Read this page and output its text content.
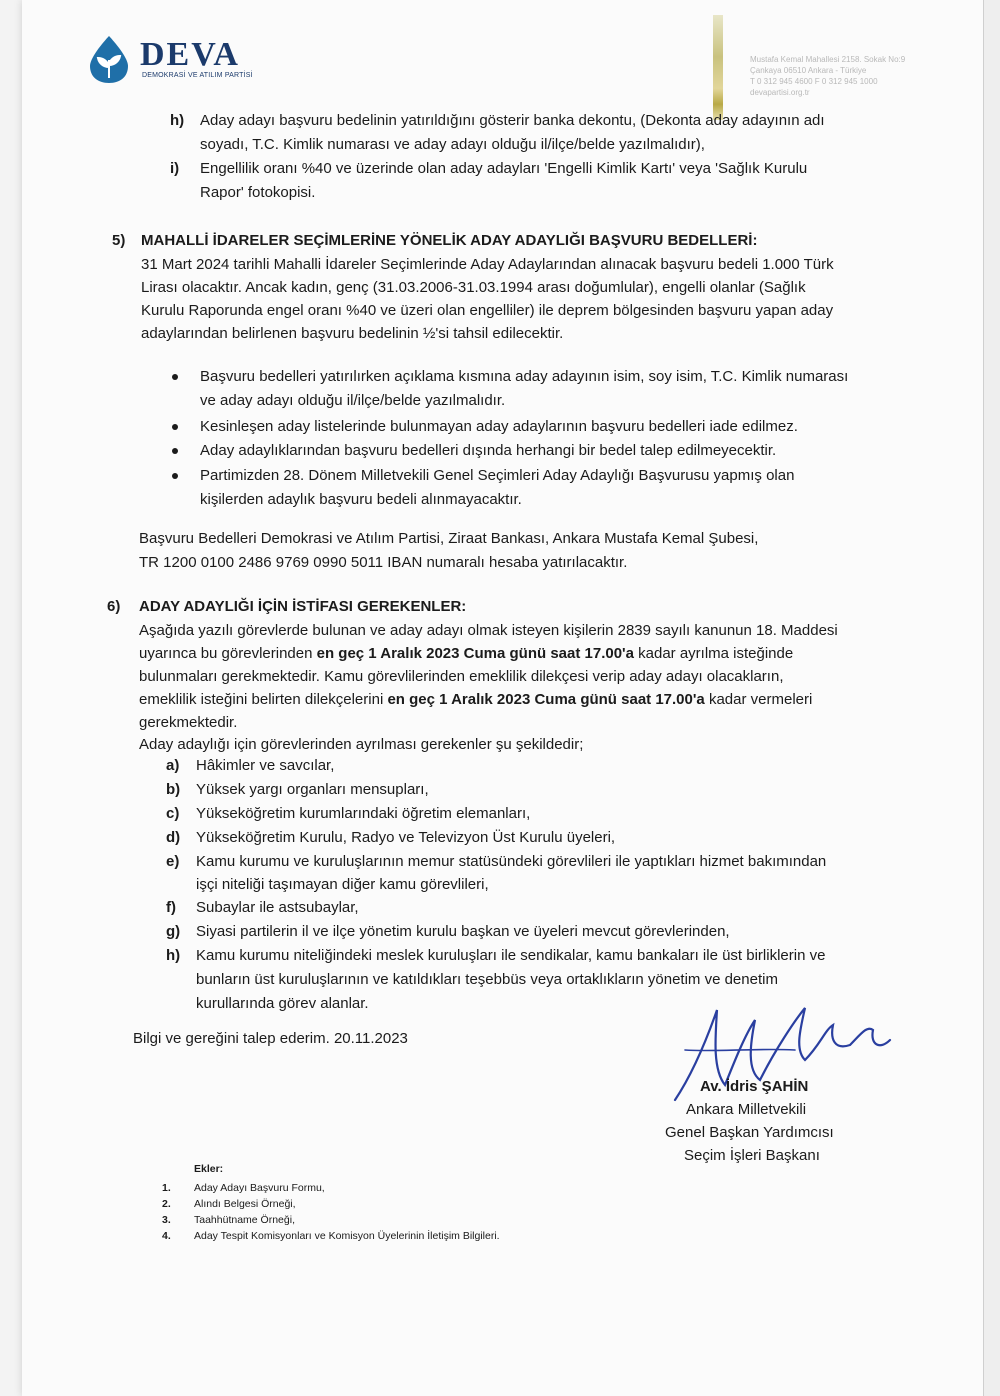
DEVA
DEMOKRASİ VE ATILIM PARTİSİ
Mustafa Kemal Mahallesi 2158. Sokak No:9
Çankaya 06510 Ankara - Türkiye
T 0 312 945 4600 F 0 312 945 1000
devapartisi.org.tr
h) Aday adayı başvuru bedelinin yatırıldığını gösterir banka dekontu, (Dekonta aday adayının adı
soyadı, T.C. Kimlik numarası ve aday adayı olduğu il/ilçe/belde yazılmalıdır),
i) Engellilik oranı %40 ve üzerinde olan aday adayları 'Engelli Kimlik Kartı' veya 'Sağlık Kurulu
Rapor' fotokopisi.
5) MAHALLİ İDARELER SEÇİMLERİNE YÖNELİK ADAY ADAYLIĞI BAŞVURU BEDELLERİ:
31 Mart 2024 tarihli Mahalli İdareler Seçimlerinde Aday Adaylarından alınacak başvuru bedeli 1.000 Türk
Lirası olacaktır. Ancak kadın, genç (31.03.2006-31.03.1994 arası doğumlular), engelli olanlar (Sağlık
Kurulu Raporunda engel oranı %40 ve üzeri olan engelliler) ile deprem bölgesinden başvuru yapan aday
adaylarından belirlenen başvuru bedelinin ½'si tahsil edilecektir.
Başvuru bedelleri yatırılırken açıklama kısmına aday adayının isim, soy isim, T.C. Kimlik numarası
ve aday adayı olduğu il/ilçe/belde yazılmalıdır.
Kesinleşen aday listelerinde bulunmayan aday adaylarının başvuru bedelleri iade edilmez.
Aday adaylıklarından başvuru bedelleri dışında herhangi bir bedel talep edilmeyecektir.
Partimizden 28. Dönem Milletvekili Genel Seçimleri Aday Adaylığı Başvurusu yapmış olan
kişilerden adaylık başvuru bedeli alınmayacaktır.
Başvuru Bedelleri Demokrasi ve Atılım Partisi, Ziraat Bankası, Ankara Mustafa Kemal Şubesi,
TR 1200 0100 2486 9769 0990 5011 IBAN numaralı hesaba yatırılacaktır.
6) ADAY ADAYLIĞI İÇİN İSTİFASI GEREKENLER:
Aşağıda yazılı görevlerde bulunan ve aday adayı olmak isteyen kişilerin 2839 sayılı kanunun 18. Maddesi
uyarınca bu görevlerinden en geç 1 Aralık 2023 Cuma günü saat 17.00'a kadar ayrılma isteğinde
bulunmaları gerekmektedir. Kamu görevlilerinden emeklilik dilekçesi verip aday adayı olacakların,
emeklilik isteğini belirten dilekçelerini en geç 1 Aralık 2023 Cuma günü saat 17.00'a kadar vermeleri
gerekmektedir.
Aday adaylığı için görevlerinden ayrılması gerekenler şu şekildedir;
a) Hâkimler ve savcılar,
b) Yüksek yargı organları mensupları,
c) Yükseköğretim kurumlarındaki öğretim elemanları,
d) Yükseköğretim Kurulu, Radyo ve Televizyon Üst Kurulu üyeleri,
e) Kamu kurumu ve kuruluşlarının memur statüsündeki görevlileri ile yaptıkları hizmet bakımından
işçi niteliği taşımayan diğer kamu görevlileri,
f) Subaylar ile astsubaylar,
g) Siyasi partilerin il ve ilçe yönetim kurulu başkan ve üyeleri mevcut görevlerinden,
h) Kamu kurumu niteliğindeki meslek kuruluşları ile sendikalar, kamu bankaları ile üst birliklerin ve
bunların üst kuruluşlarının ve katıldıkları teşebbüs veya ortaklıkların yönetim ve denetim
kurullarında görev alanlar.
Bilgi ve gereğini talep ederim. 20.11.2023
Av. İdris ŞAHİN
Ankara Milletvekili
Genel Başkan Yardımcısı
Seçim İşleri Başkanı
Ekler:
1. Aday Adayı Başvuru Formu,
2. Alındı Belgesi Örneği,
3. Taahhütname Örneği,
4. Aday Tespit Komisyonları ve Komisyon Üyelerinin İletişim Bilgileri.
